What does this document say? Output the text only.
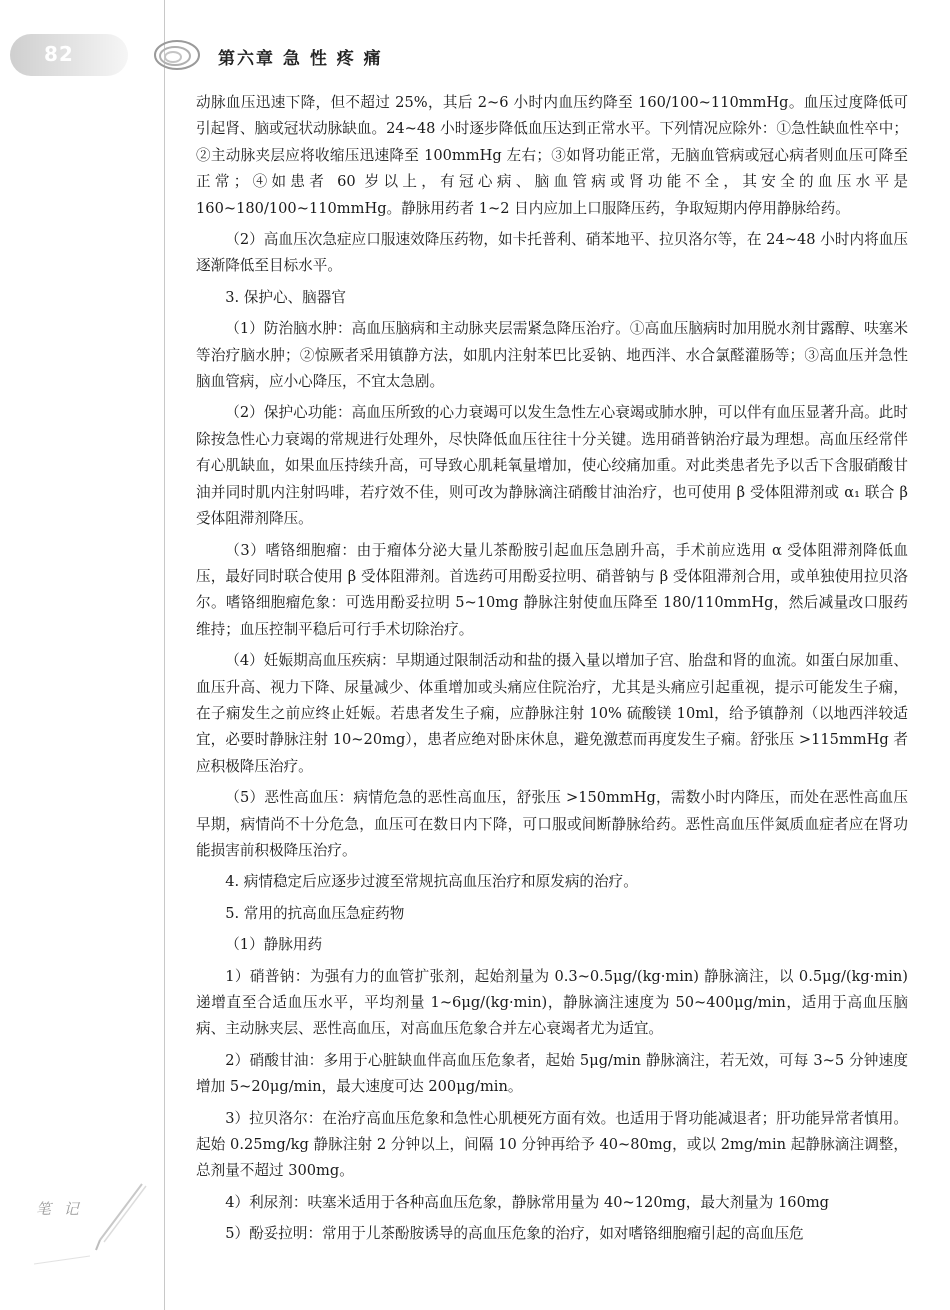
82	第六章 急 性 疼 痛

动脉血压迅速下降，但不超过 25%，其后 2~6 小时内血压约降至 160/100~110mmHg。血压过度降低可引起肾、脑或冠状动脉缺血。24~48 小时逐步降低血压达到正常水平。下列情况应除外：①急性缺血性卒中；②主动脉夹层应将收缩压迅速降至 100mmHg 左右；③如肾功能正常，无脑血管病或冠心病者则血压可降至正常；④如患者 60 岁以上，有冠心病、脑血管病或肾功能不全，其安全的血压水平是 160~180/100~110mmHg。静脉用药者 1~2 日内应加上口服降压药，争取短期内停用静脉给药。

（2）高血压次急症应口服速效降压药物，如卡托普利、硝苯地平、拉贝洛尔等，在 24~48 小时内将血压逐渐降低至目标水平。

3. 保护心、脑器官

（1）防治脑水肿：高血压脑病和主动脉夹层需紧急降压治疗。①高血压脑病时加用脱水剂甘露醇、呋塞米等治疗脑水肿；②惊厥者采用镇静方法，如肌内注射苯巴比妥钠、地西泮、水合氯醛灌肠等；③高血压并急性脑血管病，应小心降压，不宜太急剧。

（2）保护心功能：高血压所致的心力衰竭可以发生急性左心衰竭或肺水肿，可以伴有血压显著升高。此时除按急性心力衰竭的常规进行处理外，尽快降低血压往往十分关键。选用硝普钠治疗最为理想。高血压经常伴有心肌缺血，如果血压持续升高，可导致心肌耗氧量增加，使心绞痛加重。对此类患者先予以舌下含服硝酸甘油并同时肌内注射吗啡，若疗效不佳，则可改为静脉滴注硝酸甘油治疗，也可使用 β 受体阻滞剂或 α₁ 联合 β 受体阻滞剂降压。

（3）嗜铬细胞瘤：由于瘤体分泌大量儿茶酚胺引起血压急剧升高，手术前应选用 α 受体阻滞剂降低血压，最好同时联合使用 β 受体阻滞剂。首选药可用酚妥拉明、硝普钠与 β 受体阻滞剂合用，或单独使用拉贝洛尔。嗜铬细胞瘤危象：可选用酚妥拉明 5~10mg 静脉注射使血压降至 180/110mmHg，然后减量改口服药维持；血压控制平稳后可行手术切除治疗。

（4）妊娠期高血压疾病：早期通过限制活动和盐的摄入量以增加子宫、胎盘和肾的血流。如蛋白尿加重、血压升高、视力下降、尿量减少、体重增加或头痛应住院治疗，尤其是头痛应引起重视，提示可能发生子痫，在子痫发生之前应终止妊娠。若患者发生子痫，应静脉注射 10% 硫酸镁 10ml，给予镇静剂（以地西泮较适宜，必要时静脉注射 10~20mg），患者应绝对卧床休息，避免激惹而再度发生子痫。舒张压 >115mmHg 者应积极降压治疗。

（5）恶性高血压：病情危急的恶性高血压，舒张压 >150mmHg，需数小时内降压，而处在恶性高血压早期，病情尚不十分危急，血压可在数日内下降，可口服或间断静脉给药。恶性高血压伴氮质血症者应在肾功能损害前积极降压治疗。

4. 病情稳定后应逐步过渡至常规抗高血压治疗和原发病的治疗。

5. 常用的抗高血压急症药物

（1）静脉用药

1）硝普钠：为强有力的血管扩张剂，起始剂量为 0.3~0.5μg/(kg·min) 静脉滴注，以 0.5μg/(kg·min) 递增直至合适血压水平，平均剂量 1~6μg/(kg·min)，静脉滴注速度为 50~400μg/min，适用于高血压脑病、主动脉夹层、恶性高血压，对高血压危象合并左心衰竭者尤为适宜。

2）硝酸甘油：多用于心脏缺血伴高血压危象者，起始 5μg/min 静脉滴注，若无效，可每 3~5 分钟速度增加 5~20μg/min，最大速度可达 200μg/min。

3）拉贝洛尔：在治疗高血压危象和急性心肌梗死方面有效。也适用于肾功能减退者；肝功能异常者慎用。起始 0.25mg/kg 静脉注射 2 分钟以上，间隔 10 分钟再给予 40~80mg，或以 2mg/min 起静脉滴注调整，总剂量不超过 300mg。

4）利尿剂：呋塞米适用于各种高血压危象，静脉常用量为 40~120mg，最大剂量为 160mg

5）酚妥拉明：常用于儿茶酚胺诱导的高血压危象的治疗，如对嗜铬细胞瘤引起的高血压危

笔 记
